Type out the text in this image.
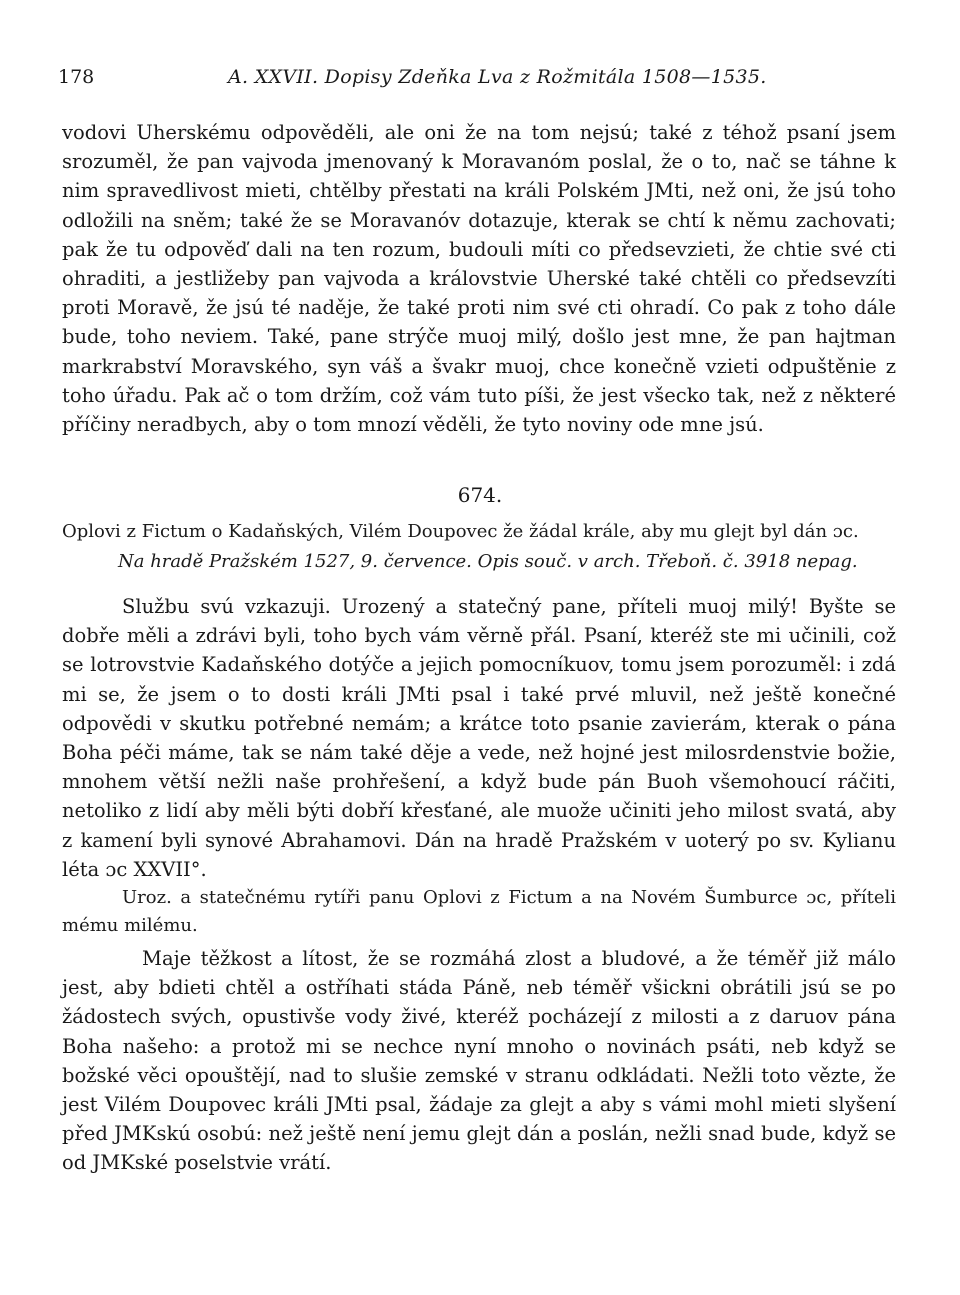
178	A. XXVII. Dopisy Zdeňka Lva z Rožmitála 1508—1535.

vodovi Uherskému odpověděli, ale oni že na tom nejsú; také z téhož psaní jsem srozuměl, že pan vajvoda jmenovaný k Moravanóm poslal, že o to, nač se táhne k nim spravedlivost mieti, chtělby přestati na králi Polském JMti, než oni, že jsú toho odložili na sněm; také že se Moravanóv dotazuje, kterak se chtí k němu zachovati; pak že tu odpověď dali na ten rozum, budouli míti co předsevzieti, že chtie své cti ohraditi, a jestližeby pan vajvoda a královstvie Uherské také chtěli co předsevzíti proti Moravě, že jsú té naděje, že také proti nim své cti ohradí. Co pak z toho dále bude, toho neviem. Také, pane strýče muoj milý, došlo jest mne, že pan hajtman markrabství Moravského, syn váš a švakr muoj, chce konečně vzieti odpuštěnie z toho úřadu. Pak ač o tom držím, což vám tuto píši, že jest všecko tak, než z některé příčiny neradbych, aby o tom mnozí věděli, že tyto noviny ode mne jsú.

674.
Oplovi z Fictum o Kadaňských, Vilém Doupovec že žádal krále, aby mu glejt byl dán ɔc.
Na hradě Pražském 1527, 9. července. Opis souč. v arch. Třeboň. č. 3918 nepag.

Službu svú vzkazuji. Urozený a statečný pane, příteli muoj milý! Byšte se dobře měli a zdrávi byli, toho bych vám věrně přál. Psaní, kteréž ste mi učinili, což se lotrovstvie Kadaňského dotýče a jejich pomocníkuov, tomu jsem porozuměl: i zdá mi se, že jsem o to dosti králi JMti psal i také prvé mluvil, než ještě konečné odpovědi v skutku potřebné nemám; a krátce toto psanie zavierám, kterak o pána Boha péči máme, tak se nám také děje a vede, než hojné jest milosrdenstvie božie, mnohem větší nežli naše prohřešení, a když bude pán Buoh všemohoucí ráčiti, netoliko z lidí aby měli býti dobří křesťané, ale muože učiniti jeho milost svatá, aby z kamení byli synové Abrahamovi. Dán na hradě Pražském v uoterý po sv. Kylianu léta ɔc XXVII°.

Uroz. a statečnému rytíři panu Oplovi z Fictum a na Novém Šumburce ɔc, příteli mému milému.

Maje těžkost a lítost, že se rozmáhá zlost a bludové, a že téměř již málo jest, aby bdieti chtěl a ostříhati stáda Páně, neb téměř všickni obrátili jsú se po žádostech svých, opustivše vody živé, kteréž pocházejí z milosti a z daruov pána Boha našeho: a protož mi se nechce nyní mnoho o novinách psáti, neb když se božské věci opouštějí, nad to slušie zemské v stranu odkládati. Nežli toto vězte, že jest Vilém Doupovec králi JMti psal, žádaje za glejt a aby s vámi mohl mieti slyšení před JMKskú osobú: než ještě není jemu glejt dán a poslán, nežli snad bude, když se od JMKské poselstvie vrátí.
